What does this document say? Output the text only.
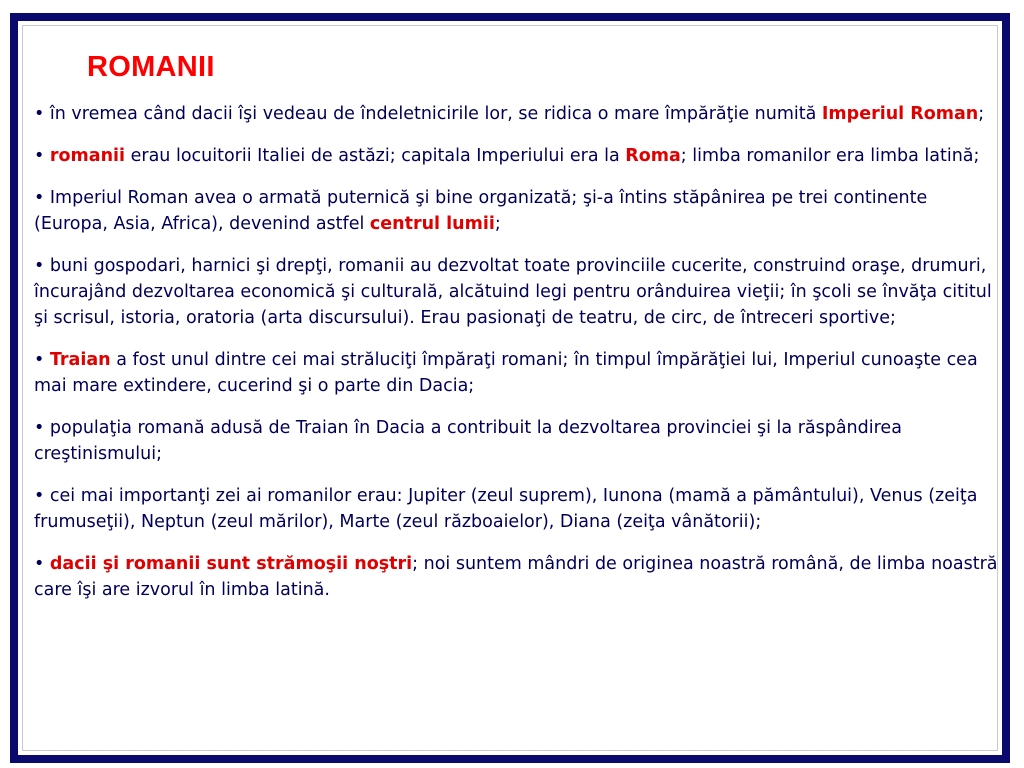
ROMANII

• în vremea când dacii îşi vedeau de îndeletnicirile lor, se ridica o mare împărăţie numită Imperiul Roman;

• romanii erau locuitorii Italiei de astăzi; capitala Imperiului era la Roma; limba romanilor era limba latină;

• Imperiul Roman avea o armată puternică şi bine organizată; şi-a întins stăpânirea pe trei continente (Europa, Asia, Africa), devenind astfel centrul lumii;

• buni gospodari, harnici şi drepţi, romanii au dezvoltat toate provinciile cucerite, construind oraşe, drumuri, încurajând dezvoltarea economică şi culturală, alcătuind legi pentru orânduirea vieţii; în şcoli se învăţa cititul şi scrisul, istoria, oratoria (arta discursului). Erau pasionaţi de teatru, de circ, de întreceri sportive;

• Traian a fost unul dintre cei mai străluciţi împăraţi romani; în timpul împărăţiei lui, Imperiul cunoaşte cea mai mare extindere, cucerind şi o parte din Dacia;

• populaţia romană adusă de Traian în Dacia a contribuit la dezvoltarea provinciei şi la răspândirea creştinismului;

• cei mai importanţi zei ai romanilor erau: Jupiter (zeul suprem), Iunona (mamă a pământului), Venus (zeiţa frumuseţii), Neptun (zeul mărilor), Marte (zeul războaielor), Diana (zeiţa vânătorii);

• dacii şi romanii sunt strămoşii noştri; noi suntem mândri de originea noastră română, de limba noastră care îşi are izvorul în limba latină.
